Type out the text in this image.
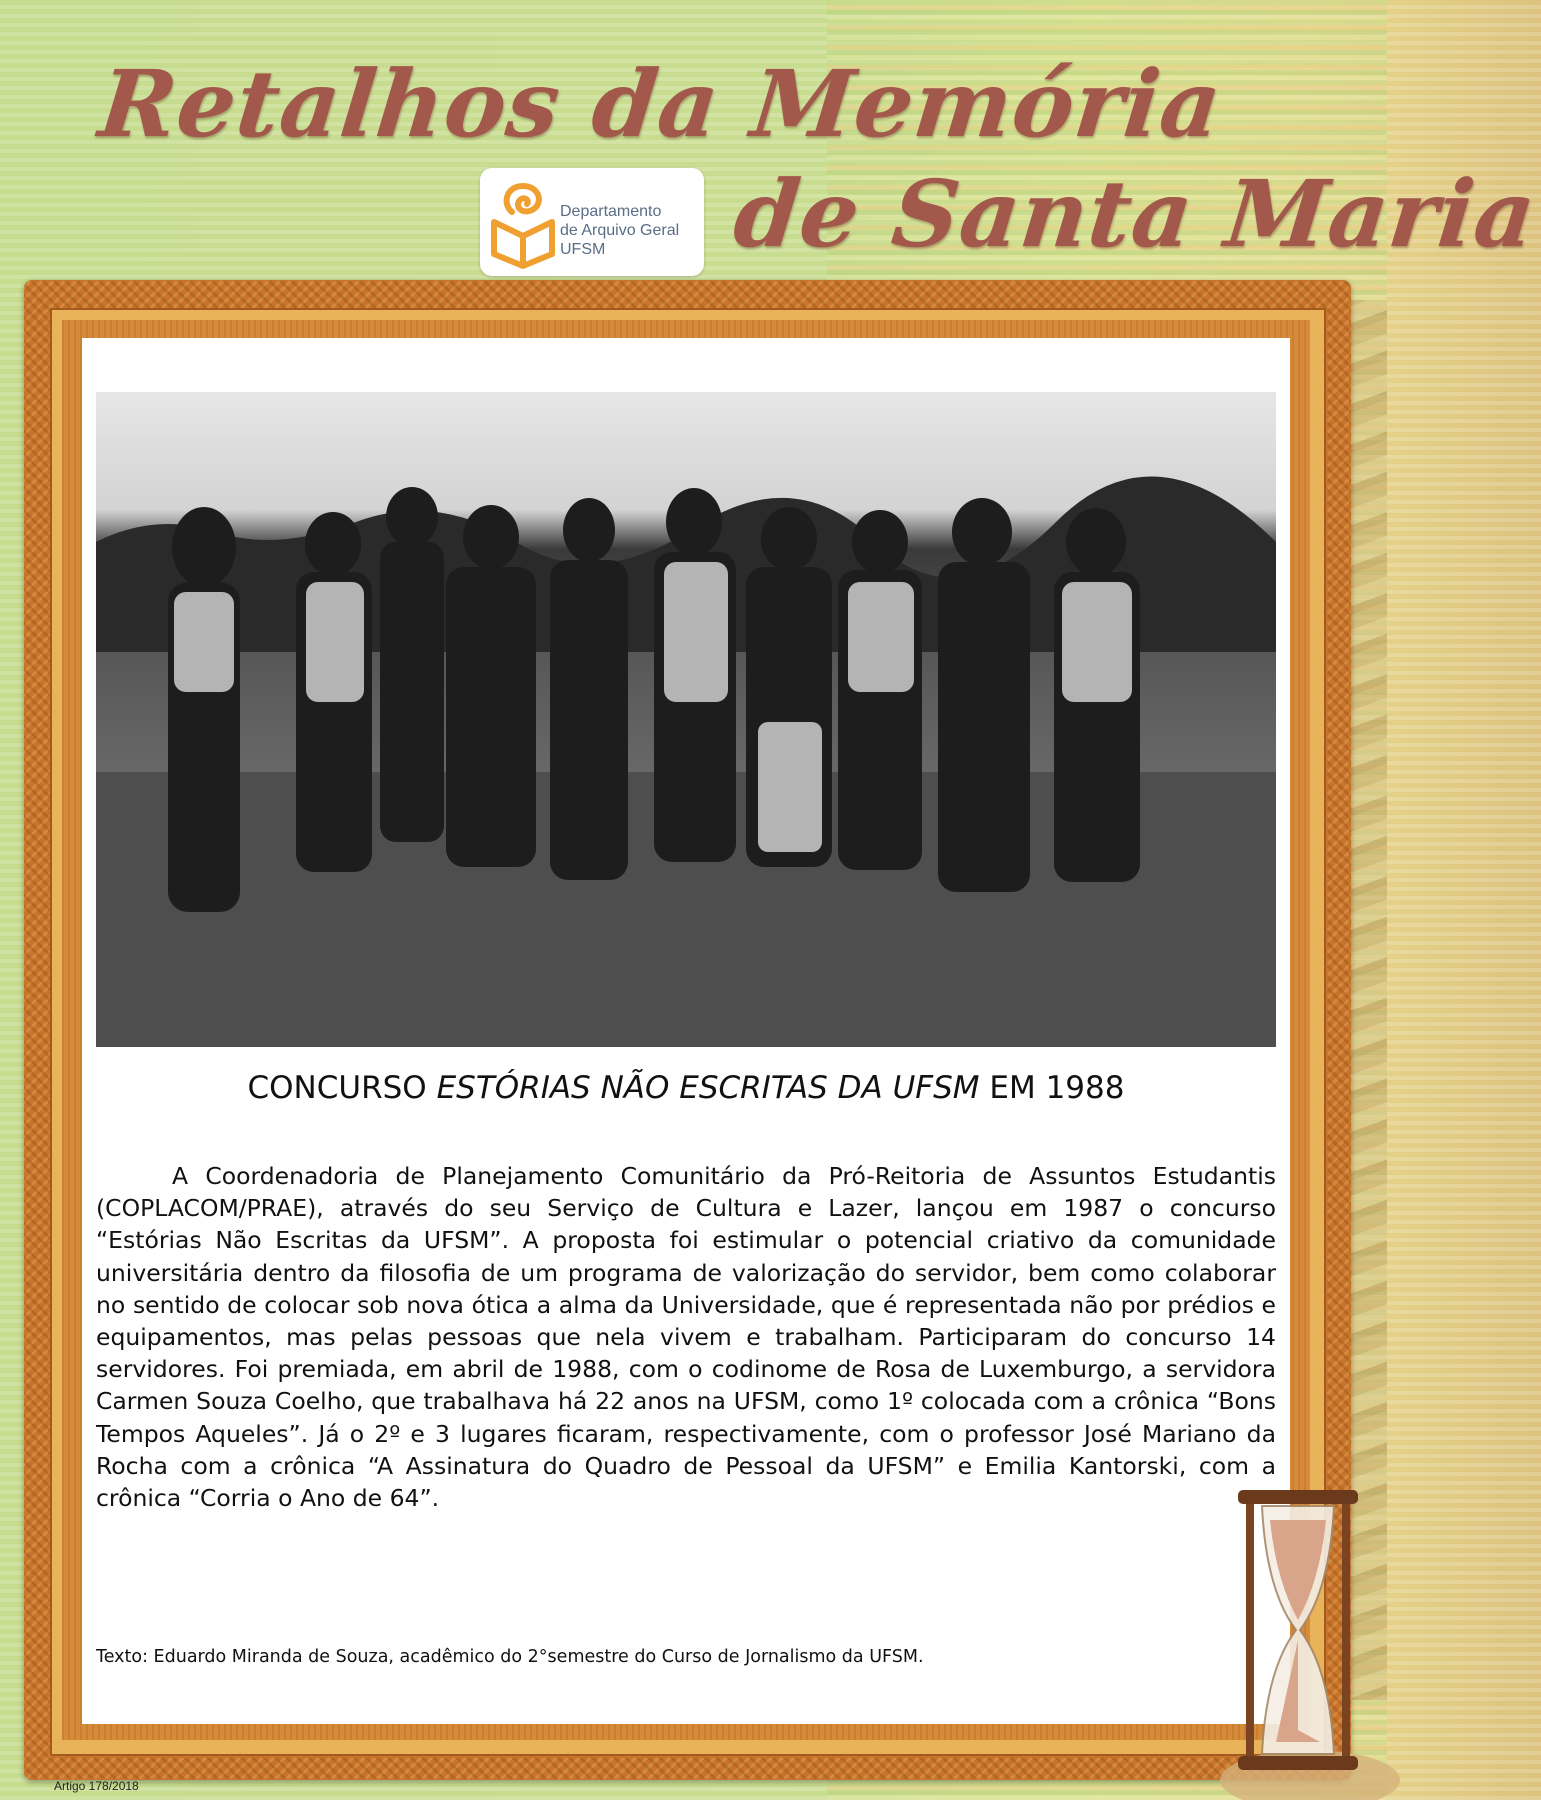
Retalhos da Memória
de Santa Maria
Departamento
de Arquivo Geral
UFSM
CONCURSO ESTÓRIAS NÃO ESCRITAS DA UFSM EM 1988
A Coordenadoria de Planejamento Comunitário da Pró-Reitoria de Assuntos Estudantis (COPLACOM/PRAE), através do seu Serviço de Cultura e Lazer, lançou em 1987 o concurso “Estórias Não Escritas da UFSM”. A proposta foi estimular o potencial criativo da comunidade universitária dentro da filosofia de um programa de valorização do servidor, bem como colaborar no sentido de colocar sob nova ótica a alma da Universidade, que é representada não por prédios e equipamentos, mas pelas pessoas que nela vivem e trabalham. Participaram do concurso 14 servidores. Foi premiada, em abril de 1988, com o codinome de Rosa de Luxemburgo, a servidora Carmen Souza Coelho, que trabalhava há 22 anos na UFSM, como 1º colocada com a crônica “Bons Tempos Aqueles”. Já o 2º e 3 lugares ficaram, respectivamente, com o professor José Mariano da Rocha com a crônica “A Assinatura do Quadro de Pessoal da UFSM” e Emilia Kantorski, com a crônica “Corria o Ano de 64”.
Texto: Eduardo Miranda de Souza, acadêmico do 2°semestre do Curso de Jornalismo da UFSM.
Artigo 178/2018
